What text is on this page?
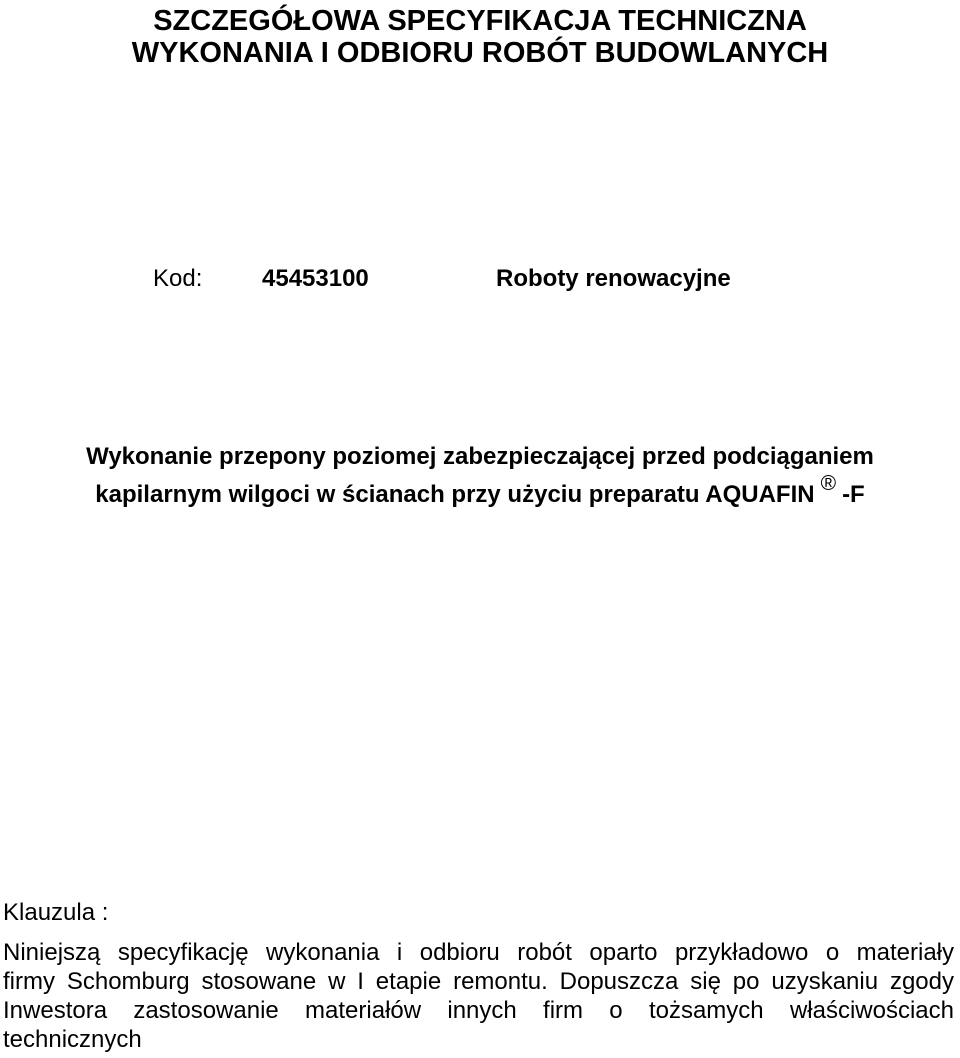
SZCZEGÓŁOWA SPECYFIKACJA TECHNICZNA
WYKONANIA I ODBIORU ROBÓT BUDOWLANYCH
Kod: 45453100	Roboty renowacyjne
Wykonanie przepony poziomej zabezpieczającej przed podciąganiem
kapilarnym wilgoci w ścianach przy użyciu preparatu AQUAFIN ® -F
Klauzula :
Niniejszą specyfikację wykonania i odbioru robót oparto przykładowo o materiały
firmy Schomburg stosowane w I etapie remontu. Dopuszcza się po uzyskaniu zgody
Inwestora zastosowanie materiałów innych firm o tożsamych właściwościach
technicznych
